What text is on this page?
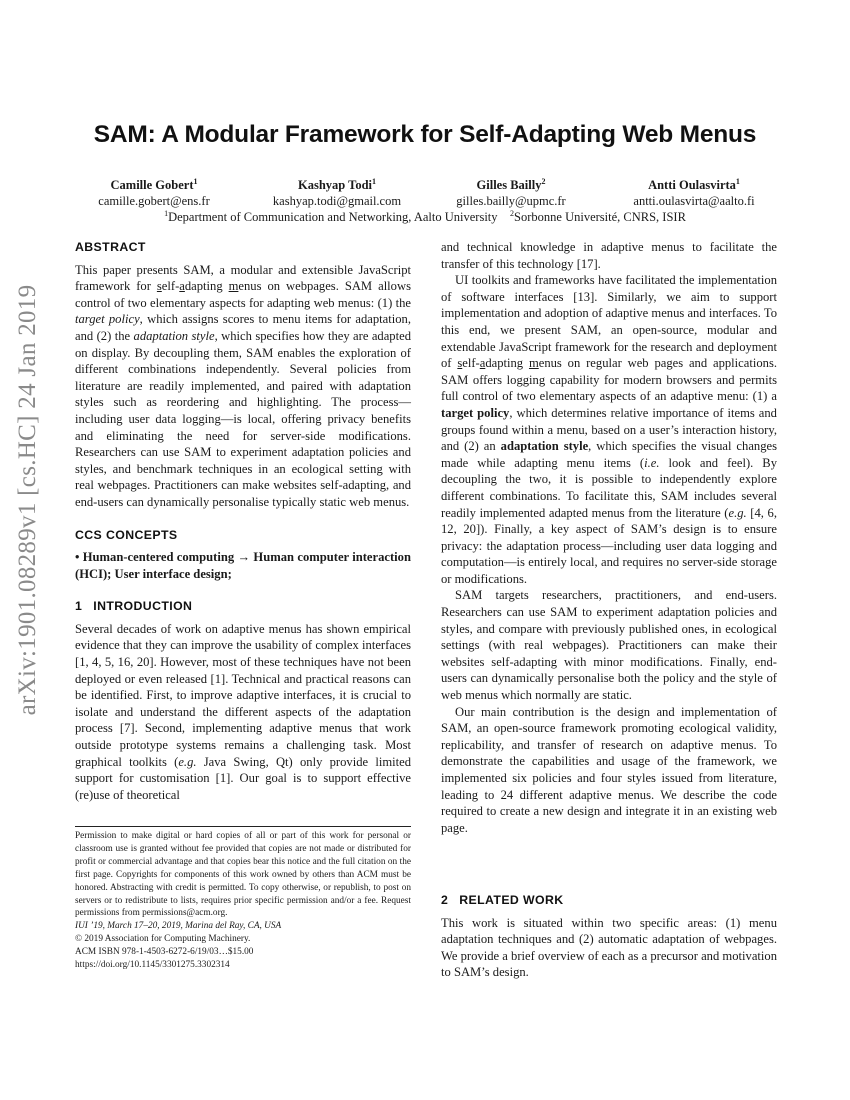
arXiv:1901.08289v1 [cs.HC] 24 Jan 2019
SAM: A Modular Framework for Self-Adapting Web Menus
Camille Gobert$^1$
camille.gobert@ens.fr
Kashyap Todi$^1$
kashyap.todi@gmail.com
Gilles Bailly$^2$
gilles.bailly@upmc.fr
Antti Oulasvirta$^1$
antti.oulasvirta@aalto.fi
$^1$Department of Communication and Networking, Aalto University $^2$Sorbonne Université, CNRS, ISIR
ABSTRACT

This paper presents SAM, a modular and extensible JavaScript framework for self-adapting menus on webpages. SAM allows control of two elementary aspects for adapting web menus: (1) the target policy, which assigns scores to menu items for adaptation, and (2) the adaptation style, which specifies how they are adapted on display. By decoupling them, SAM enables the exploration of different combinations independently. Several policies from literature are readily implemented, and paired with adaptation styles such as reordering and highlighting. The process—including user data logging—is local, offering privacy benefits and eliminating the need for server-side modifications. Researchers can use SAM to experiment adaptation policies and styles, and benchmark techniques in an ecological setting with real webpages. Practitioners can make websites self-adapting, and end-users can dynamically personalise typically static web menus.

CCS CONCEPTS

• Human-centered computing → Human computer interaction (HCI); User interface design;

1 INTRODUCTION

Several decades of work on adaptive menus has shown empirical evidence that they can improve the usability of complex interfaces [1, 4, 5, 16, 20]. However, most of these techniques have not been deployed or even released [1]. Technical and practical reasons can be identified. First, to improve adaptive interfaces, it is crucial to isolate and understand the different aspects of the adaptation process [7]. Second, implementing adaptive menus that work outside prototype systems remains a challenging task. Most graphical toolkits (e.g. Java Swing, Qt) only provide limited support for customisation [1]. Our goal is to support effective (re)use of theoretical

Permission to make digital or hard copies of all or part of this work for personal or classroom use is granted without fee provided that copies are not made or distributed for profit or commercial advantage and that copies bear this notice and the full citation on the first page. Copyrights for components of this work owned by others than ACM must be honored. Abstracting with credit is permitted. To copy otherwise, or republish, to post on servers or to redistribute to lists, requires prior specific permission and/or a fee. Request permissions from permissions@acm.org.

IUI ’19, March 17–20, 2019, Marina del Ray, CA, USA

© 2019 Association for Computing Machinery.

ACM ISBN 978-1-4503-6272-6/19/03…$15.00

https://doi.org/10.1145/3301275.3302314

and technical knowledge in adaptive menus to facilitate the transfer of this technology [17].

UI toolkits and frameworks have facilitated the implementation of software interfaces [13]. Similarly, we aim to support implementation and adoption of adaptive menus and interfaces. To this end, we present SAM, an open-source, modular and extendable JavaScript framework for the research and deployment of self-adapting menus on regular web pages and applications. SAM offers logging capability for modern browsers and permits full control of two elementary aspects of an adaptive menu: (1) a target policy, which determines relative importance of items and groups found within a menu, based on a user’s interaction history, and (2) an adaptation style, which specifies the visual changes made while adapting menu items (i.e. look and feel). By decoupling the two, it is possible to independently explore different combinations. To facilitate this, SAM includes several readily implemented adapted menus from the literature (e.g. [4, 6, 12, 20]). Finally, a key aspect of SAM’s design is to ensure privacy: the adaptation process—including user data logging and computation—is entirely local, and requires no server-side storage or modifications.

SAM targets researchers, practitioners, and end-users. Researchers can use SAM to experiment adaptation policies and styles, and compare with previously published ones, in ecological settings (with real webpages). Practitioners can make their websites self-adapting with minor modifications. Finally, end-users can dynamically personalise both the policy and the style of web menus which normally are static.

Our main contribution is the design and implementation of SAM, an open-source framework promoting ecological validity, replicability, and transfer of research on adaptive menus. To demonstrate the capabilities and usage of the framework, we implemented six policies and four styles issued from literature, leading to 24 different adaptive menus. We describe the code required to create a new design and integrate it in an existing web page.

2 RELATED WORK

This work is situated within two specific areas: (1) menu adaptation techniques and (2) automatic adaptation of webpages. We provide a brief overview of each as a precursor and motivation to SAM’s design.
